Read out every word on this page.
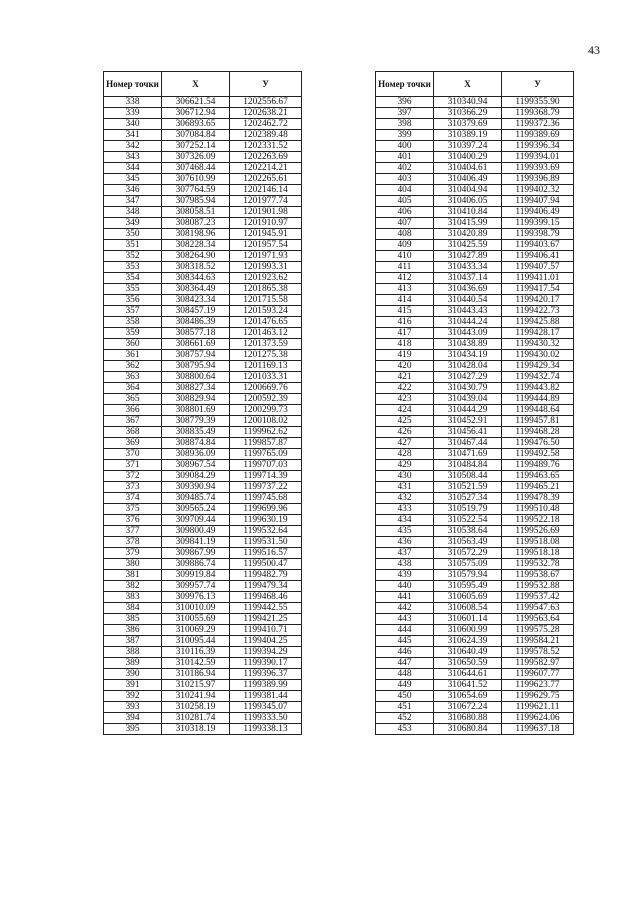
43
Номер точки	X	У
338	306621.54	1202556.67
339	306712.94	1202638.21
340	306893.65	1202462.72
341	307084.84	1202389.48
342	307252.14	1202331.52
343	307326.09	1202263.69
344	307468.44	1202214.21
345	307610.99	1202265.61
346	307764.59	1202146.14
347	307985.94	1201977.74
348	308058.51	1201901.98
349	308087.23	1201910.97
350	308198.96	1201945.91
351	308228.34	1201957.54
352	308264.90	1201971.93
353	308318.52	1201993.31
354	308344.63	1201923.62
355	308364.49	1201865.38
356	308423.34	1201715.58
357	308457.19	1201593.24
358	308486.39	1201476.65
359	308577.18	1201463.12
360	308661.69	1201373.59
361	308757.94	1201275.38
362	308795.94	1201169.13
363	308800.64	1201033.31
364	308827.34	1200669.76
365	308829.94	1200592.39
366	308801.69	1200299.73
367	308779.39	1200108.02
368	308835.49	1199962.62
369	308874.84	1199857.87
370	308936.09	1199765.09
371	308967.54	1199707.03
372	309084.29	1199714.39
373	309390.94	1199737.22
374	309485.74	1199745.68
375	309565.24	1199699.96
376	309709.44	1199630.19
377	309800.49	1199532.64
378	309841.19	1199531.50
379	309867.99	1199516.57
380	309886.74	1199500.47
381	309919.84	1199482.79
382	309957.74	1199479.34
383	309976.13	1199468.46
384	310010.09	1199442.55
385	310055.69	1199421.25
386	310069.29	1199410.71
387	310095.44	1199404.25
388	310116.39	1199394.29
389	310142.59	1199390.17
390	310186.94	1199396.37
391	310215.97	1199389.99
392	310241.94	1199381.44
393	310258.19	1199345.07
394	310281.74	1199333.50
395	310318.19	1199338.13
Номер точки	X	У
396	310340.94	1199355.90
397	310366.29	1199368.79
398	310379.69	1199372.36
399	310389.19	1199389.69
400	310397.24	1199396.34
401	310400.29	1199394.01
402	310404.61	1199393.69
403	310406.49	1199396.89
404	310404.94	1199402.32
405	310406.05	1199407.94
406	310410.84	1199406.49
407	310415.99	1199399.15
408	310420.89	1199398.79
409	310425.59	1199403.67
410	310427.89	1199406.41
411	310433.34	1199407.57
412	310437.14	1199411.01
413	310436.69	1199417.54
414	310440.54	1199420.17
415	310443.43	1199422.73
416	310444.24	1199425.88
417	310443.09	1199428.17
418	310438.89	1199430.32
419	310434.19	1199430.02
420	310428.04	1199429.34
421	310427.29	1199432.74
422	310430.79	1199443.82
423	310439.04	1199444.89
424	310444.29	1199448.64
425	310452.91	1199457.81
426	310456.41	1199468.28
427	310467.44	1199476.50
428	310471.69	1199492.58
429	310484.84	1199489.76
430	310508.44	1199463.65
431	310521.59	1199465.21
432	310527.34	1199478.39
433	310519.79	1199510.48
434	310522.54	1199522.18
435	310538.64	1199526.69
436	310563.49	1199518.08
437	310572.29	1199518.18
438	310575.09	1199532.78
439	310579.94	1199538.67
440	310595.49	1199532.88
441	310605.69	1199537.42
442	310608.54	1199547.63
443	310601.14	1199563.64
444	310600.99	1199575.28
445	310624.39	1199584.21
446	310640.49	1199578.52
447	310650.59	1199582.97
448	310644.61	1199607.77
449	310641.52	1199623.77
450	310654.69	1199629.75
451	310672.24	1199621.11
452	310680.88	1199624.06
453	310680.84	1199637.18
